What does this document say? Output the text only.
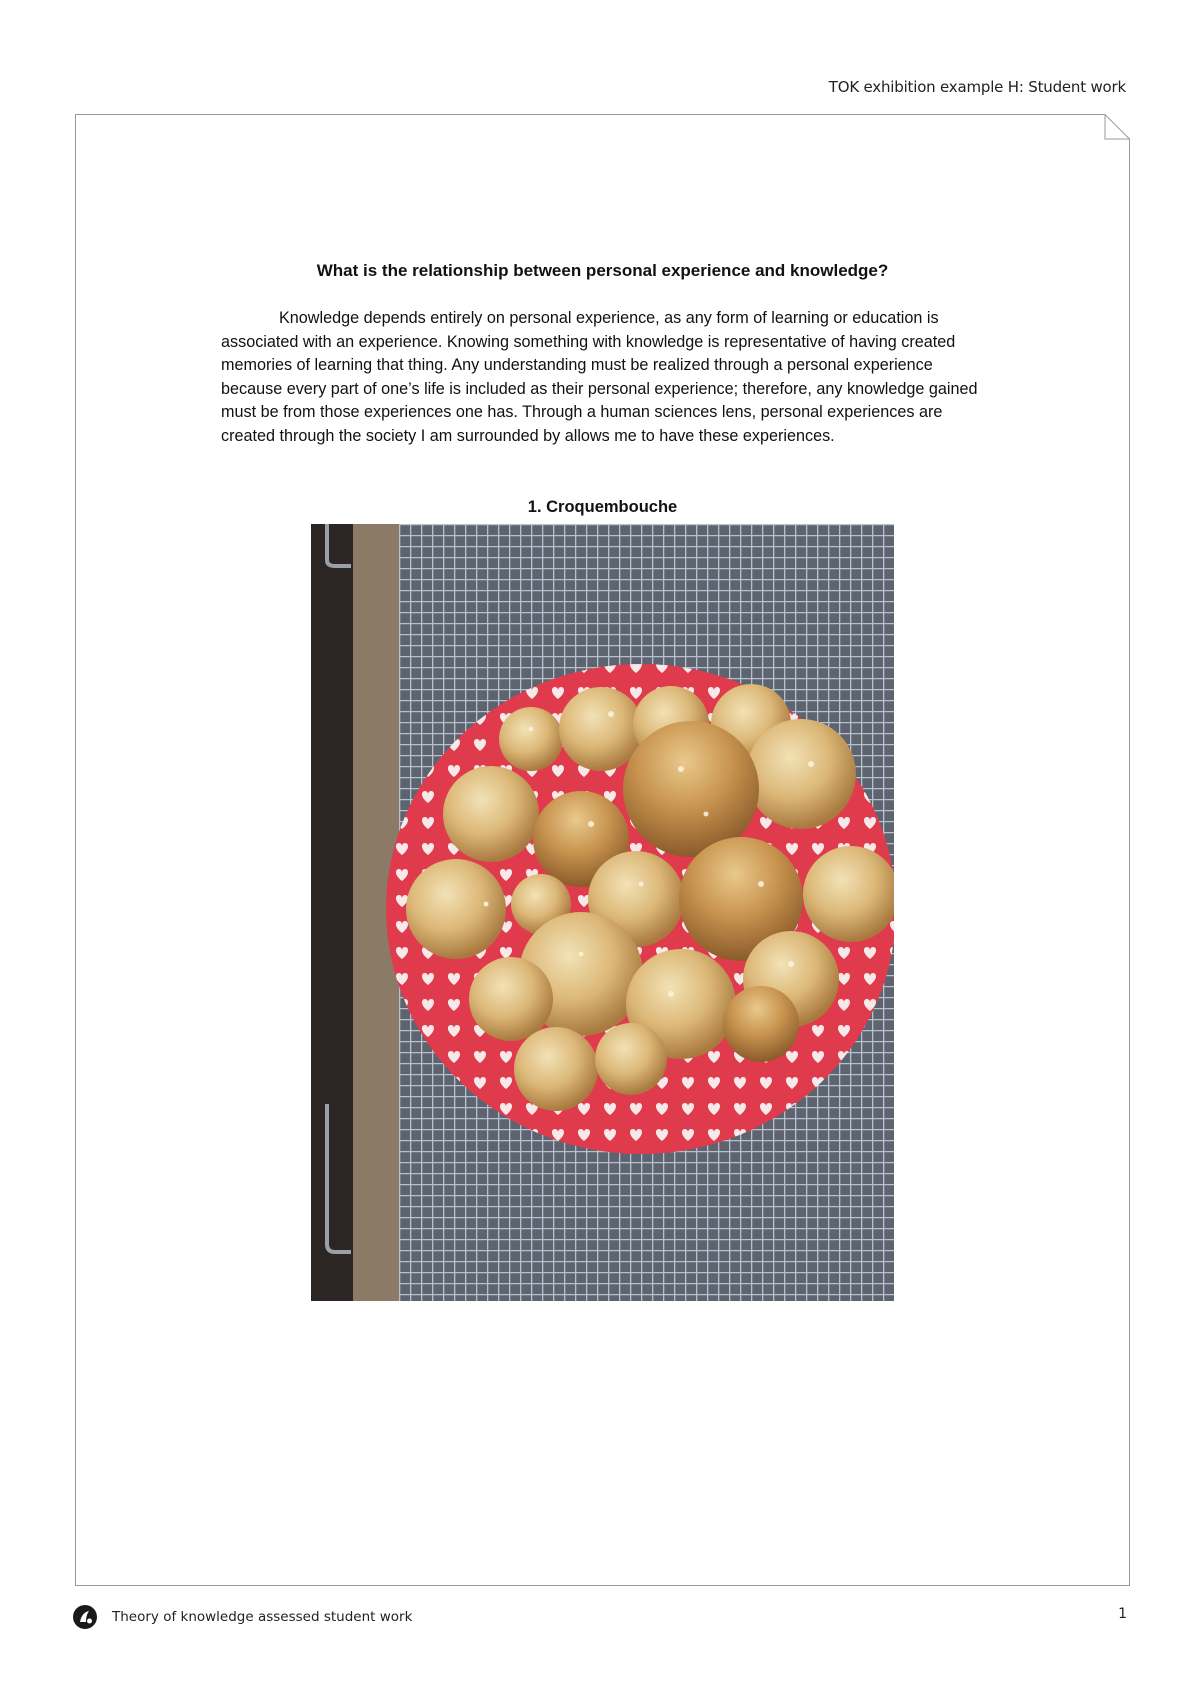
TOK exhibition example H: Student work
What is the relationship between personal experience and knowledge?

Knowledge depends entirely on personal experience, as any form of learning or education is associated with an experience. Knowing something with knowledge is representative of having created memories of learning that thing. Any understanding must be realized through a personal experience because every part of one’s life is included as their personal experience; therefore, any knowledge gained must be from those experiences one has. Through a human sciences lens, personal experiences are created through the society I am surrounded by allows me to have these experiences.

1. Croquembouche
Theory of knowledge assessed student work	1
